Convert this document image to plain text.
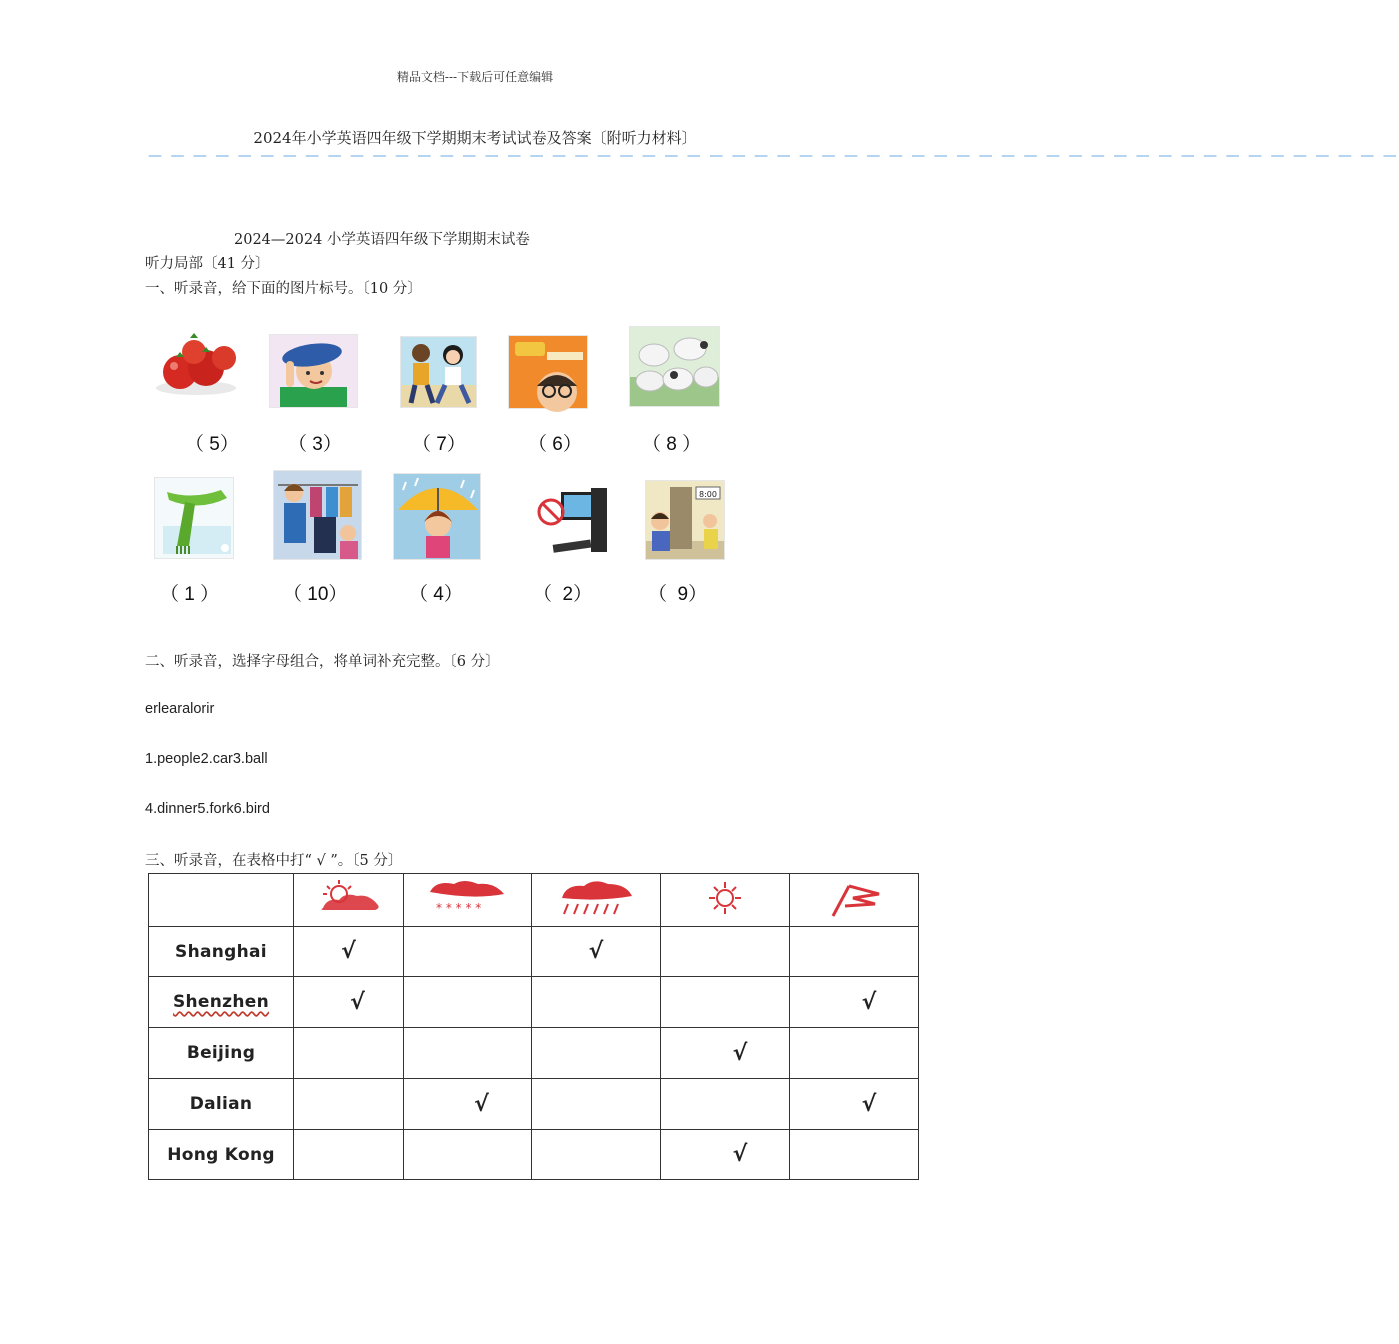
精品文档---下载后可任意编辑
2024年小学英语四年级下学期期末考试试卷及答案〔附听力材料〕
— — — — — — — — — — — — — — — — — — — — — — — — — — — — — — — — — — — — — — — — — — — — — — — — — — — — — — — —
2024—2024 小学英语四年级下学期期末试卷
听力局部〔41 分〕
一、听录音，给下面的图片标号。〔10 分〕
（ 5）	（ 3）	（ 7）	（ 6）	（ 8 ）
8:00
（ 1 ）	（ 10）	（ 4）	（  2）	（  9）
二、听录音，选择字母组合，将单词补充完整。〔6 分〕
erlearalorir
1.people2.car3.ball
4.dinner5.fork6.bird
三、听录音，在表格中打“ √ ”。〔5 分〕

* * * * *

Shanghai	√		√		
Shenzhen	√				√
Beijing				√	
Dalian		√			√
Hong Kong				√	
